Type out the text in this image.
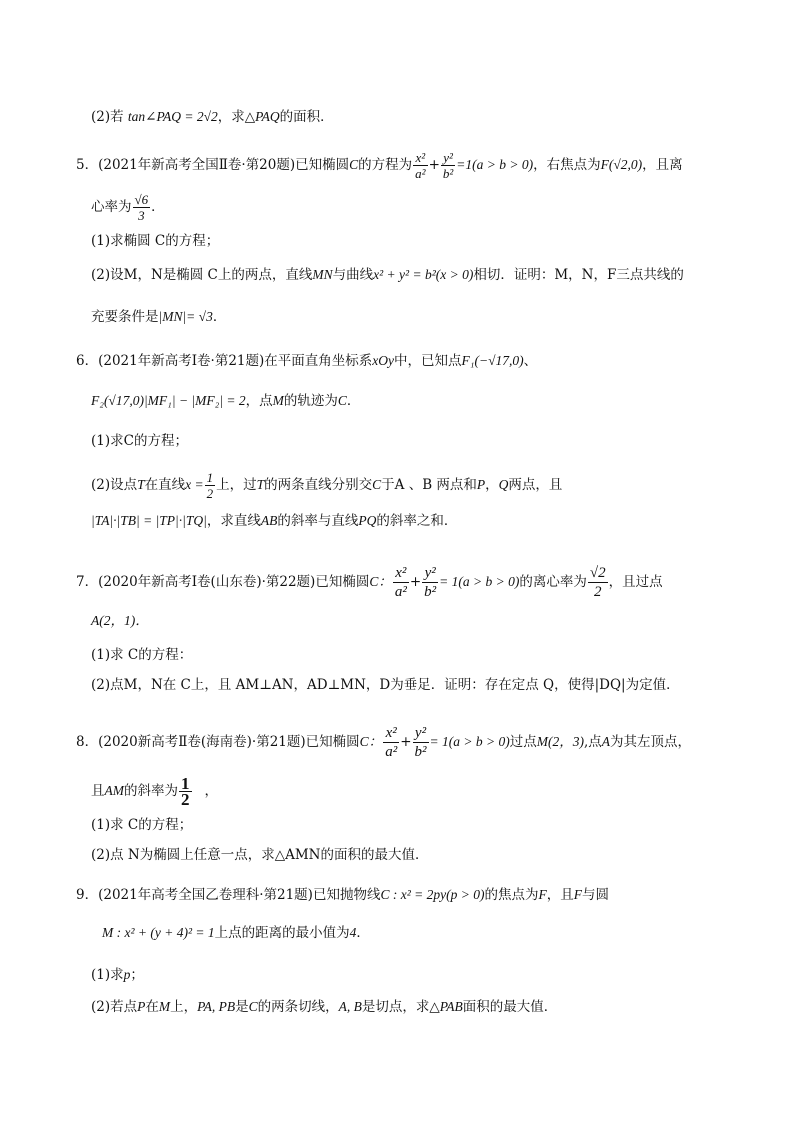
(2)若 tan∠PAQ = 2√2，求△PAQ的面积．
5．(2021年新高考全国Ⅱ卷·第20题)已知椭圆C的方程为 $\frac{\text{x²}}{\text{a²}} + \frac{\text{y²}}{\text{b²}} =1(a > b > 0)$，右焦点为F(√2,0)，且离
心率为 $\frac{√6}{3}$ ．
(1)求椭圆 C的方程；
(2)设M，N是椭圆 C上的两点，直线MN与曲线x² + y² = b²(x > 0)相切．证明：M，N，F三点共线的
充要条件是|MN|= √3．
6．(2021年新高考Ⅰ卷·第21题)在平面直角坐标系xOy中，已知点F₁(−√17,0)、
F₂(√17,0)|MF₁| − |MF₂| = 2，点M的轨迹为C．
(1)求C的方程；
(2)设点T在直线$x = \frac{1}{2}$ 上，过T的两条直线分别交C于A 、B 两点和P，Q两点，且
|TA|·|TB| = |TP|·|TQ|，求直线AB的斜率与直线PQ的斜率之和．
7．(2020年新高考Ⅰ卷(山东卷)·第22题)已知椭圆C： $\frac{\text{x²}}{\text{a²}} + \frac{\text{y²}}{\text{b²}} = 1(a > b > 0)$的离心率为 $\frac{√2}{2}$ ，且过点
A(2，1)．
(1)求 C的方程：
(2)点M，N在 C上，且 AM⊥AN，AD⊥MN，D为垂足．证明：存在定点 Q，使得|DQ|为定值．
8．(2020新高考Ⅱ卷(海南卷)·第21题)已知椭圆C： $\frac{\text{x²}}{\text{a²}} + \frac{\text{y²}}{\text{b²}} = 1(a > b > 0)$过点M(2，3),点A为其左顶点，
且AM的斜率为 $\frac{1}{2}$ ，
(1)求 C的方程；
(2)点 N为椭圆上任意一点，求△AMN的面积的最大值．
9．(2021年高考全国乙卷理科·第21题)已知抛物线C : x² = 2py(p > 0)的焦点为F，且F与圆
M : x² + (y + 4)² = 1上点的距离的最小值为4．
(1)求p；
(2)若点P在M上，PA, PB是C的两条切线，A, B是切点，求△PAB面积的最大值．
